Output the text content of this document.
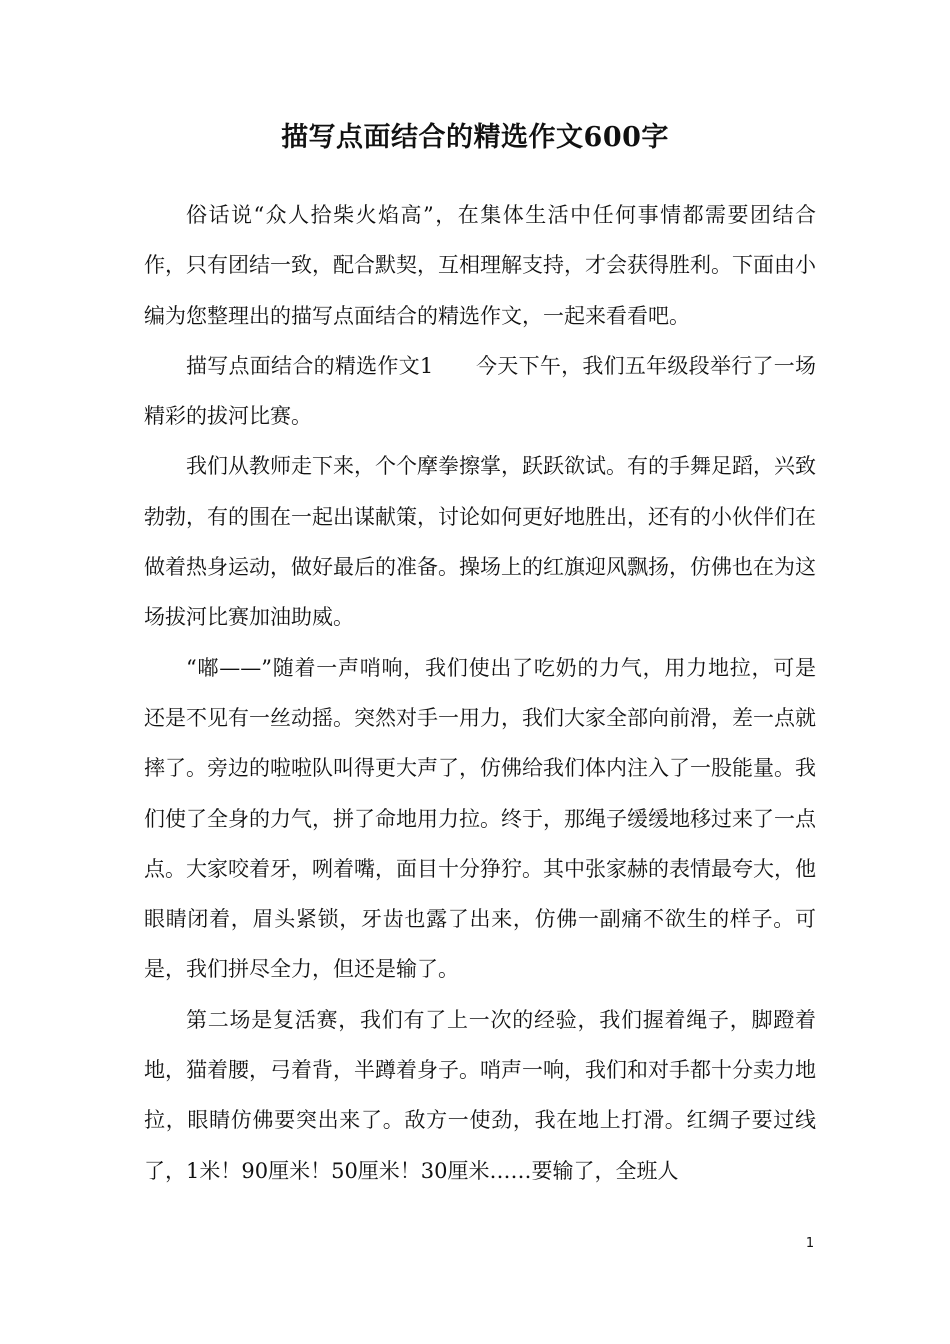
描写点面结合的精选作文600字

俗话说“众人拾柴火焰高”，在集体生活中任何事情都需要团结合作，只有团结一致，配合默契，互相理解支持，才会获得胜利。下面由小编为您整理出的描写点面结合的精选作文，一起来看看吧。

描写点面结合的精选作文1　　今天下午，我们五年级段举行了一场精彩的拔河比赛。

我们从教师走下来，个个摩拳擦掌，跃跃欲试。有的手舞足蹈，兴致勃勃，有的围在一起出谋献策，讨论如何更好地胜出，还有的小伙伴们在做着热身运动，做好最后的准备。操场上的红旗迎风飘扬，仿佛也在为这场拔河比赛加油助威。

“嘟——”随着一声哨响，我们使出了吃奶的力气，用力地拉，可是还是不见有一丝动摇。突然对手一用力，我们大家全部向前滑，差一点就摔了。旁边的啦啦队叫得更大声了，仿佛给我们体内注入了一股能量。我们使了全身的力气，拼了命地用力拉。终于，那绳子缓缓地移过来了一点点。大家咬着牙，咧着嘴，面目十分狰狞。其中张家赫的表情最夸大，他眼睛闭着，眉头紧锁，牙齿也露了出来，仿佛一副痛不欲生的样子。可是，我们拼尽全力，但还是输了。

第二场是复活赛，我们有了上一次的经验，我们握着绳子，脚蹬着地，猫着腰，弓着背，半蹲着身子。哨声一响，我们和对手都十分卖力地拉，眼睛仿佛要突出来了。敌方一使劲，我在地上打滑。红绸子要过线了，1米！90厘米！50厘米！30厘米……要输了，全班人

1
